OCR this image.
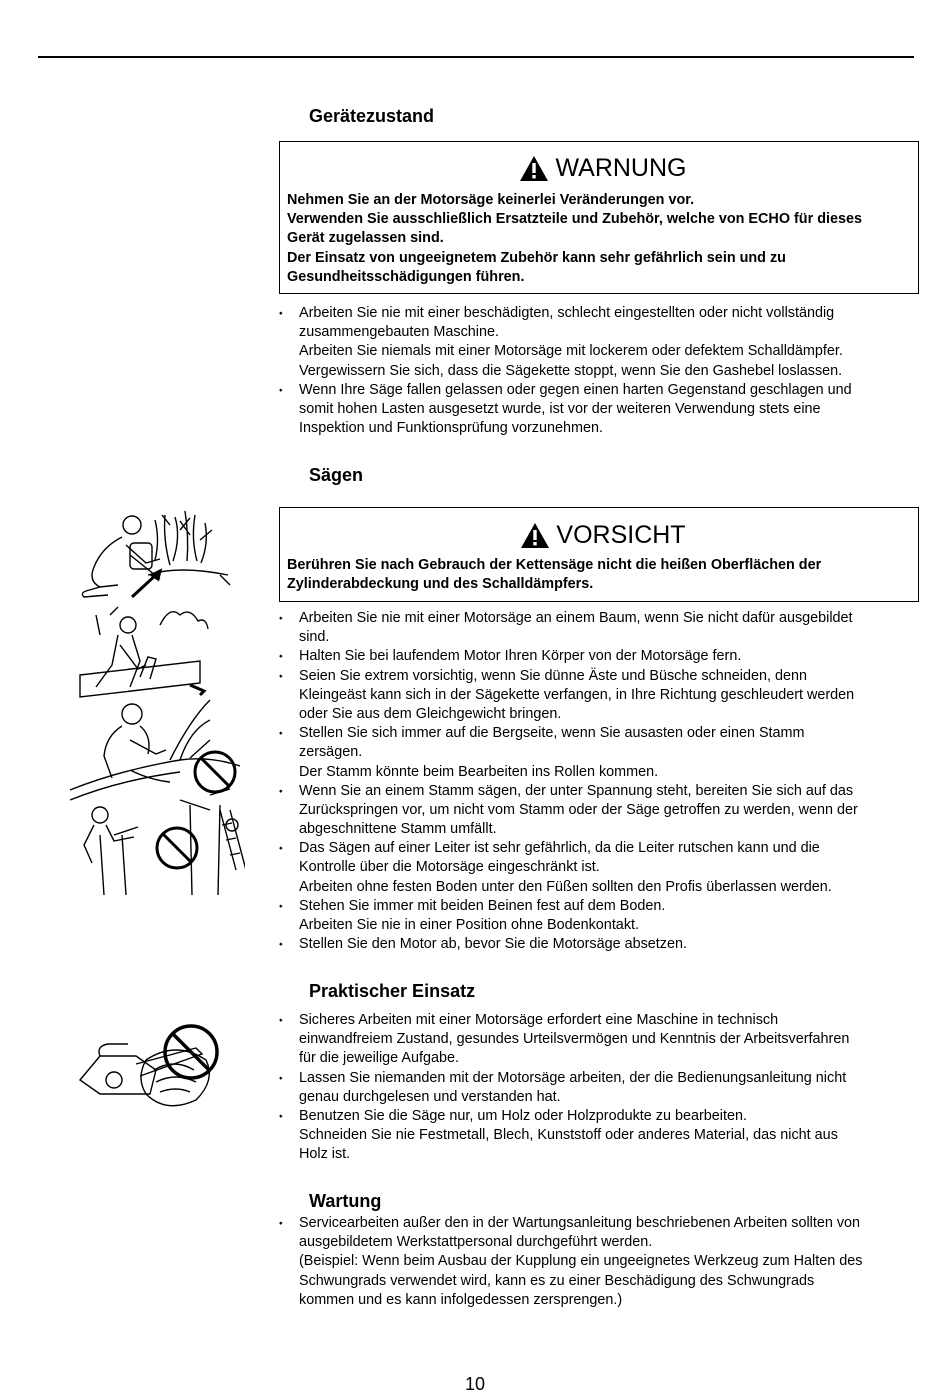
Gerätezustand
WARNUNG
Nehmen Sie an der Motorsäge keinerlei Veränderungen vor.
Verwenden Sie ausschließlich Ersatzteile und Zubehör, welche von ECHO für dieses
Gerät zugelassen sind.
Der Einsatz von ungeeignetem Zubehör kann sehr gefährlich sein und zu
Gesundheitsschädigungen führen.
⬩	Arbeiten Sie nie mit einer beschädigten, schlecht eingestellten oder nicht vollständig
zusammengebauten Maschine.
Arbeiten Sie niemals mit einer Motorsäge mit lockerem oder defektem Schalldämpfer.
Vergewissern Sie sich, dass die Sägekette stoppt, wenn Sie den Gashebel loslassen.
⬩	Wenn Ihre Säge fallen gelassen oder gegen einen harten Gegenstand geschlagen und
somit hohen Lasten ausgesetzt wurde, ist vor der weiteren Verwendung stets eine
Inspektion und Funktionsprüfung vorzunehmen.
Sägen
VORSICHT
Berühren Sie nach Gebrauch der Kettensäge nicht die heißen Oberflächen der
Zylinderabdeckung und des Schalldämpfers.
⬩	Arbeiten Sie nie mit einer Motorsäge an einem Baum, wenn Sie nicht dafür ausgebildet
sind.
⬩	Halten Sie bei laufendem Motor Ihren Körper von der Motorsäge fern.
⬩	Seien Sie extrem vorsichtig, wenn Sie dünne Äste und Büsche schneiden, denn
Kleingeäst kann sich in der Sägekette verfangen, in Ihre Richtung geschleudert werden
oder Sie aus dem Gleichgewicht bringen.
⬩	Stellen Sie sich immer auf die Bergseite, wenn Sie ausasten oder einen Stamm
zersägen.
Der Stamm könnte beim Bearbeiten ins Rollen kommen.
⬩	Wenn Sie an einem Stamm sägen, der unter Spannung steht, bereiten Sie sich auf das
Zurückspringen vor, um nicht vom Stamm oder der Säge getroffen zu werden, wenn der
abgeschnittene Stamm umfällt.
⬩	Das Sägen auf einer Leiter ist sehr gefährlich, da die Leiter rutschen kann und die
Kontrolle über die Motorsäge eingeschränkt ist.
Arbeiten ohne festen Boden unter den Füßen sollten den Profis überlassen werden.
⬩	Stehen Sie immer mit beiden Beinen fest auf dem Boden.
Arbeiten Sie nie in einer Position ohne Bodenkontakt.
⬩	Stellen Sie den Motor ab, bevor Sie die Motorsäge absetzen.
Praktischer Einsatz
⬩	Sicheres Arbeiten mit einer Motorsäge erfordert eine Maschine in technisch
einwandfreiem Zustand, gesundes Urteilsvermögen und Kenntnis der Arbeitsverfahren
für die jeweilige Aufgabe.
⬩	Lassen Sie niemanden mit der Motorsäge arbeiten, der die Bedienungsanleitung nicht
genau durchgelesen und verstanden hat.
⬩	Benutzen Sie die Säge nur, um Holz oder Holzprodukte zu bearbeiten.
Schneiden Sie nie Festmetall, Blech, Kunststoff oder anderes Material, das nicht aus
Holz ist.
Wartung
⬩	Servicearbeiten außer den in der Wartungsanleitung beschriebenen Arbeiten sollten von
ausgebildetem Werkstattpersonal durchgeführt werden.
(Beispiel: Wenn beim Ausbau der Kupplung ein ungeeignetes Werkzeug zum Halten des
Schwungrads verwendet wird, kann es zu einer Beschädigung des Schwungrads
kommen und es kann infolgedessen zersprengen.)
10
